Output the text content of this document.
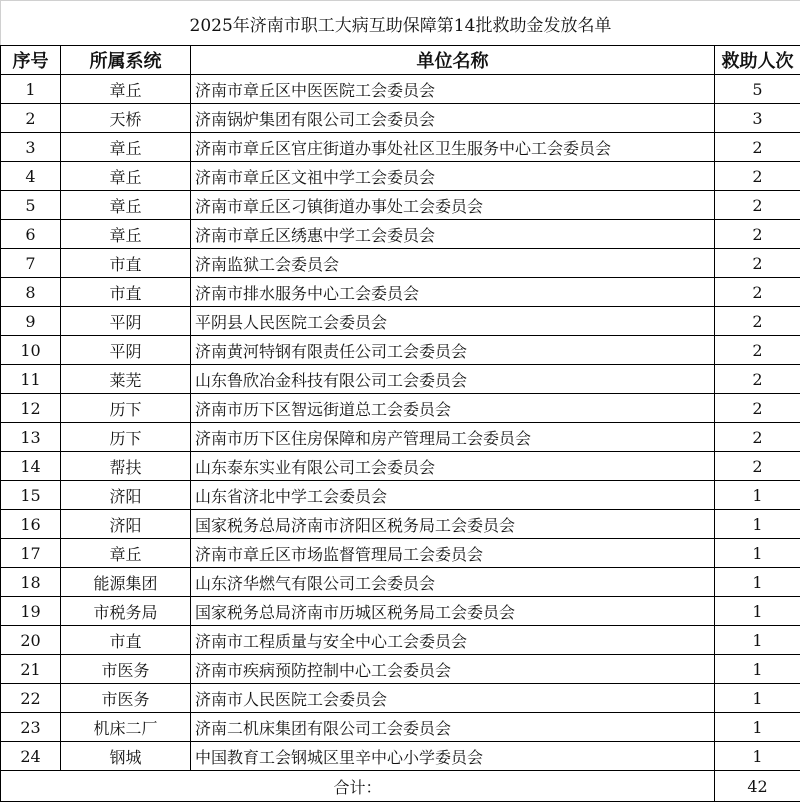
2025年济南市职工大病互助保障第14批救助金发放名单
序号	所属系统	单位名称	救助人次
1	章丘	济南市章丘区中医医院工会委员会	5
2	天桥	济南锅炉集团有限公司工会委员会	3
3	章丘	济南市章丘区官庄街道办事处社区卫生服务中心工会委员会	2
4	章丘	济南市章丘区文祖中学工会委员会	2
5	章丘	济南市章丘区刁镇街道办事处工会委员会	2
6	章丘	济南市章丘区绣惠中学工会委员会	2
7	市直	济南监狱工会委员会	2
8	市直	济南市排水服务中心工会委员会	2
9	平阴	平阴县人民医院工会委员会	2
10	平阴	济南黄河特钢有限责任公司工会委员会	2
11	莱芜	山东鲁欣冶金科技有限公司工会委员会	2
12	历下	济南市历下区智远街道总工会委员会	2
13	历下	济南市历下区住房保障和房产管理局工会委员会	2
14	帮扶	山东泰东实业有限公司工会委员会	2
15	济阳	山东省济北中学工会委员会	1
16	济阳	国家税务总局济南市济阳区税务局工会委员会	1
17	章丘	济南市章丘区市场监督管理局工会委员会	1
18	能源集团	山东济华燃气有限公司工会委员会	1
19	市税务局	国家税务总局济南市历城区税务局工会委员会	1
20	市直	济南市工程质量与安全中心工会委员会	1
21	市医务	济南市疾病预防控制中心工会委员会	1
22	市医务	济南市人民医院工会委员会	1
23	机床二厂	济南二机床集团有限公司工会委员会	1
24	钢城	中国教育工会钢城区里辛中心小学委员会	1
合计：			42
